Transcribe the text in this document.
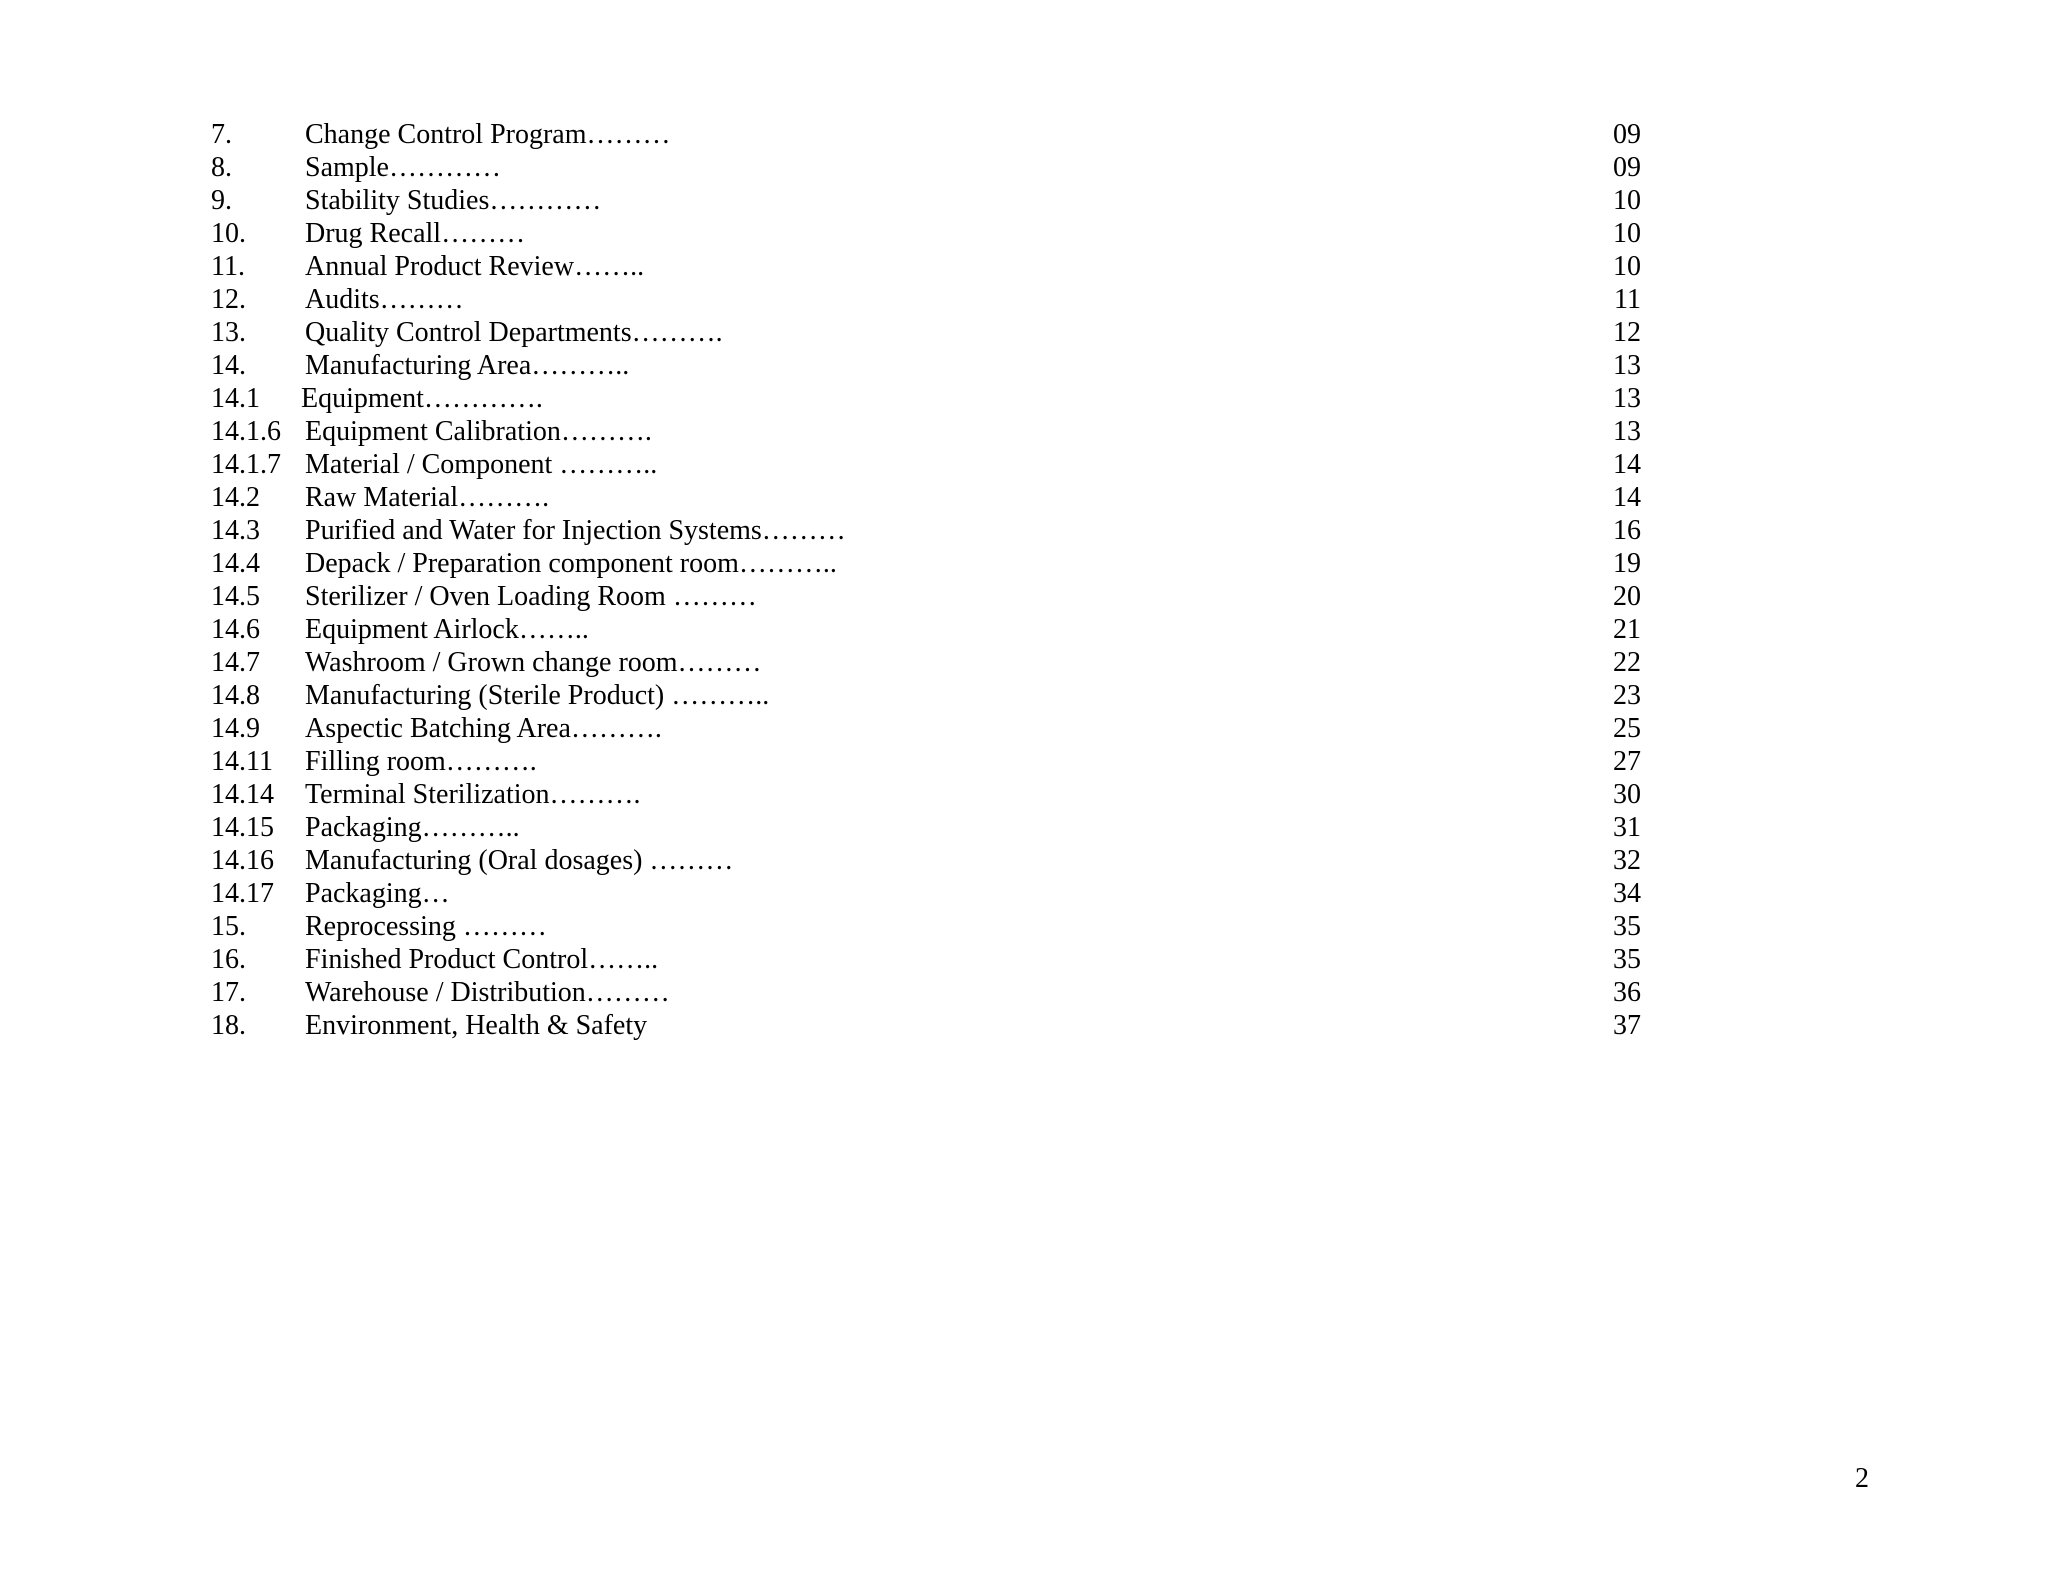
7.	Change Control Program………	09
8.	Sample…………	09
9.	Stability Studies…………	10
10. Drug Recall………	10
11. Annual Product Review……..	10
12. Audits………	11
13. Quality Control Departments……….	12
14. Manufacturing Area………..	13
14.1 Equipment………….	13
14.1.6 Equipment Calibration……….	13
14.1.7 Material / Component ………..	14
14.2 Raw Material……….	14
14.3 Purified and Water for Injection Systems………	16
14.4 Depack / Preparation component room………..	19
14.5 Sterilizer / Oven Loading Room ………	20
14.6 Equipment Airlock……..	21
14.7 Washroom / Grown change room………	22
14.8 Manufacturing (Sterile Product) ………..	23
14.9 Aspectic Batching Area……….	25
14.11 Filling room……….	27
14.14 Terminal Sterilization……….	30
14.15 Packaging………..	31
14.16 Manufacturing (Oral dosages) ………	32
14.17 Packaging…	34
15. Reprocessing ………	35
16. Finished Product Control……..	35
17. Warehouse / Distribution………	36
18. Environment, Health & Safety	37
2
